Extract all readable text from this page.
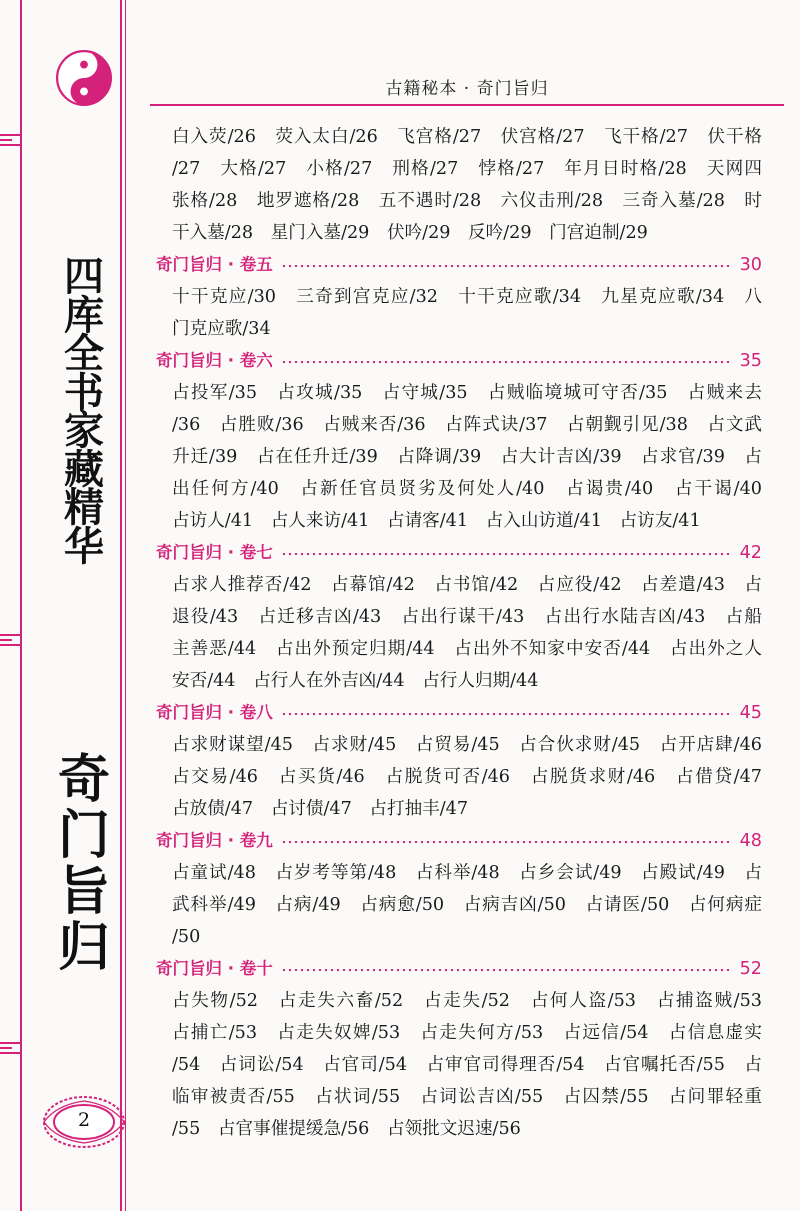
四
库
全
书
家
藏
精
华
奇
门
旨
归
2
古籍秘本 · 奇门旨归
白入荧/26　荧入太白/26　飞宫格/27　伏宫格/27　飞干格/27　伏干格
/27　大格/27　小格/27　刑格/27　悖格/27　年月日时格/28　天网四
张格/28　地罗遮格/28　五不遇时/28　六仪击刑/28　三奇入墓/28　时
干入墓/28　星门入墓/29　伏吟/29　反吟/29　门宫迫制/29
奇门旨归 · 卷五	30
十干克应/30　三奇到宫克应/32　十干克应歌/34　九星克应歌/34　八
门克应歌/34
奇门旨归 · 卷六	35
占投军/35　占攻城/35　占守城/35　占贼临境城可守否/35　占贼来去
/36　占胜败/36　占贼来否/36　占阵式诀/37　占朝觐引见/38　占文武
升迁/39　占在任升迁/39　占降调/39　占大计吉凶/39　占求官/39　占
出任何方/40　占新任官员贤劣及何处人/40　占谒贵/40　占干谒/40
占访人/41　占人来访/41　占请客/41　占入山访道/41　占访友/41
奇门旨归 · 卷七	42
占求人推荐否/42　占幕馆/42　占书馆/42　占应役/42　占差遣/43　占
退役/43　占迁移吉凶/43　占出行谋干/43　占出行水陆吉凶/43　占船
主善恶/44　占出外预定归期/44　占出外不知家中安否/44　占出外之人
安否/44　占行人在外吉凶/44　占行人归期/44
奇门旨归 · 卷八	45
占求财谋望/45　占求财/45　占贸易/45　占合伙求财/45　占开店肆/46
占交易/46　占买货/46　占脱货可否/46　占脱货求财/46　占借贷/47
占放债/47　占讨债/47　占打抽丰/47
奇门旨归 · 卷九	48
占童试/48　占岁考等第/48　占科举/48　占乡会试/49　占殿试/49　占
武科举/49　占病/49　占病愈/50　占病吉凶/50　占请医/50　占何病症
/50
奇门旨归 · 卷十	52
占失物/52　占走失六畜/52　占走失/52　占何人盗/53　占捕盗贼/53
占捕亡/53　占走失奴婢/53　占走失何方/53　占远信/54　占信息虚实
/54　占词讼/54　占官司/54　占审官司得理否/54　占官嘱托否/55　占
临审被责否/55　占状词/55　占词讼吉凶/55　占囚禁/55　占问罪轻重
/55　占官事催提缓急/56　占领批文迟速/56
